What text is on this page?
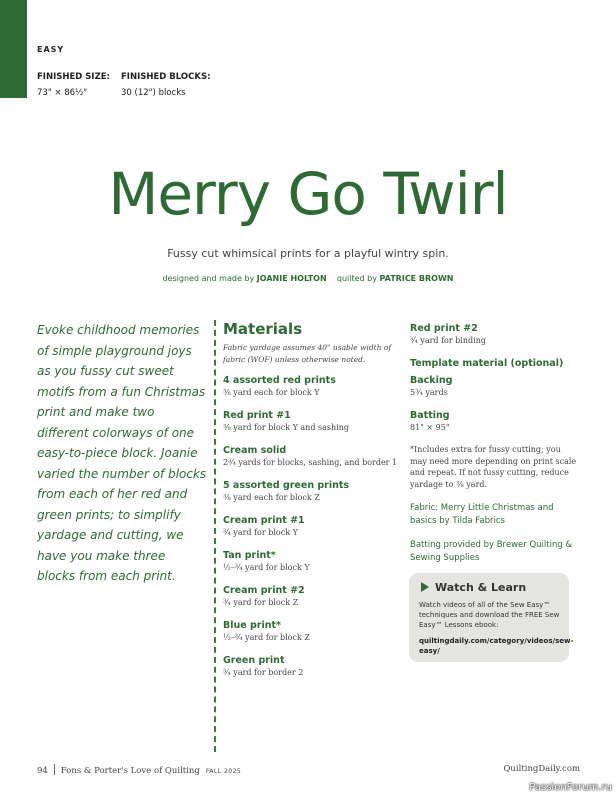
EASY
FINISHED SIZE:
73" × 86½"
FINISHED BLOCKS:
30 (12") blocks
Merry Go Twirl
Fussy cut whimsical prints for a playful wintry spin.
designed and made by JOANIE HOLTON quilted by PATRICE BROWN
Evoke childhood memories of simple playground joys as you fussy cut sweet motifs from a fun Christmas print and make two different colorways of one easy-to-piece block. Joanie varied the number of blocks from each of her red and green prints; to simplify yardage and cutting, we have you make three blocks from each print.
Materials
Fabric yardage assumes 40" usable width of fabric (WOF) unless otherwise noted.
4 assorted red prints
⅜ yard each for block Y
Red print #1
⅜ yard for block Y and sashing
Cream solid
2¾ yards for blocks, sashing, and border 1
5 assorted green prints
⅜ yard each for block Z
Cream print #1
¾ yard for block Y
Tan print*
½–¾ yard for block Y
Cream print #2
¾ yard for block Z
Blue print*
½–¾ yard for block Z
Green print
¾ yard for border 2
Red print #2
¾ yard for binding
Template material (optional)
Backing
5¾ yards
Batting
81" × 95"
*Includes extra for fussy cutting; you may need more depending on print scale and repeat. If not fussy cutting, reduce yardage to ⅜ yard.
Fabric: Merry Little Christmas and basics by Tilda Fabrics
Batting provided by Brewer Quilting & Sewing Supplies
Watch & Learn
Watch videos of all of the Sew Easy™ techniques and download the FREE Sew Easy™ Lessons ebook:
quiltingdaily.com/category/videos/sew-easy/
94 Fons & Porter's Love of Quilting FALL 2025	QuiltingDaily.com
PassionForum.ru
